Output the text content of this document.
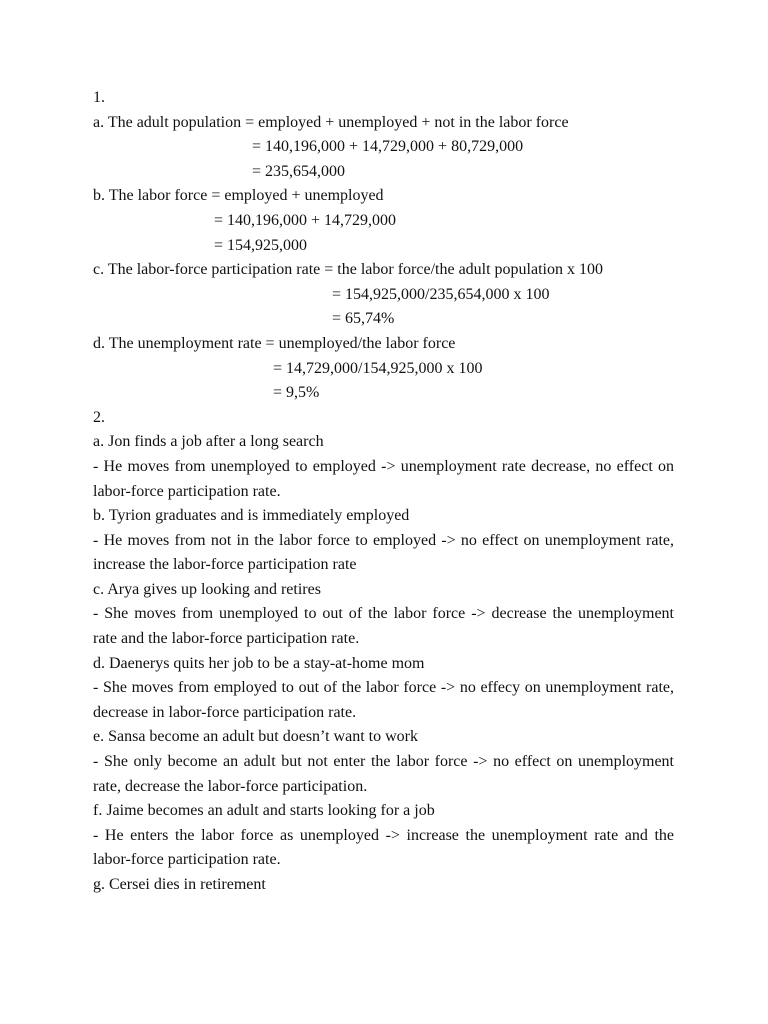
1.
a. The adult population = employed + unemployed + not in the labor force
= 140,196,000 + 14,729,000 + 80,729,000
= 235,654,000
b. The labor force = employed + unemployed
= 140,196,000 + 14,729,000
= 154,925,000
c. The labor-force participation rate = the labor force/the adult population x 100
= 154,925,000/235,654,000 x 100
= 65,74%
d. The unemployment rate = unemployed/the labor force
= 14,729,000/154,925,000 x 100
= 9,5%
2.
a. Jon finds a job after a long search
- He moves from unemployed to employed -> unemployment rate decrease, no effect on labor-force participation rate.
b. Tyrion graduates and is immediately employed
- He moves from not in the labor force to employed -> no effect on unemployment rate, increase the labor-force participation rate
c. Arya gives up looking and retires
- She moves from unemployed to out of the labor force -> decrease the unemployment rate and the labor-force participation rate.
d. Daenerys quits her job to be a stay-at-home mom
- She moves from employed to out of the labor force -> no effecy on unemployment rate, decrease in labor-force participation rate.
e. Sansa become an adult but doesn’t want to work
- She only become an adult but not enter the labor force -> no effect on unemployment rate, decrease the labor-force participation.
f. Jaime becomes an adult and starts looking for a job
- He enters the labor force as unemployed -> increase the unemployment rate and the labor-force participation rate.
g. Cersei dies in retirement
